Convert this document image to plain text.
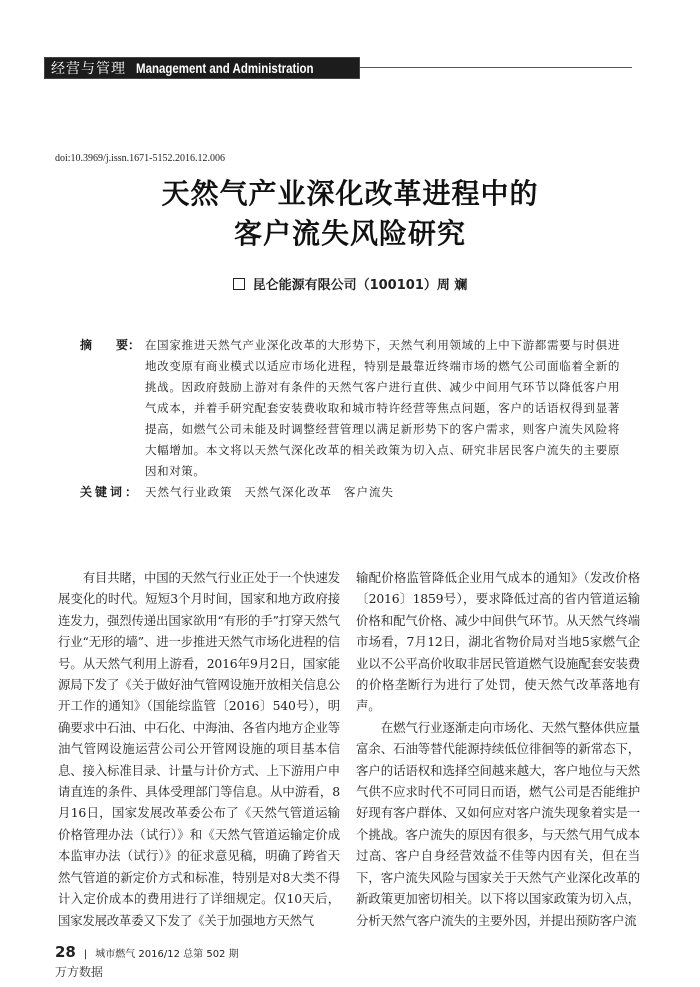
经营与管理 Management and Administration
doi:10.3969/j.issn.1671-5152.2016.12.006
天然气产业深化改革进程中的
客户流失风险研究
昆仑能源有限公司（100101）周 斓
摘 要： 在国家推进天然气产业深化改革的大形势下，天然气利用领域的上中下游都需要与时俱进地改变原有商业模式以适应市场化进程，特别是最靠近终端市场的燃气公司面临着全新的挑战。因政府鼓励上游对有条件的天然气客户进行直供、减少中间用气环节以降低客户用气成本，并着手研究配套安装费收取和城市特许经营等焦点问题，客户的话语权得到显著提高，如燃气公司未能及时调整经营管理以满足新形势下的客户需求，则客户流失风险将大幅增加。本文将以天然气深化改革的相关政策为切入点、研究非居民客户流失的主要原因和对策。
关键词： 天然气行业政策 天然气深化改革 客户流失

有目共睹，中国的天然气行业正处于一个快速发展变化的时代。短短3个月时间，国家和地方政府接连发力，强烈传递出国家欲用“有形的手”打穿天然气行业“无形的墙”、进一步推进天然气市场化进程的信号。从天然气利用上游看，2016年9月2日，国家能源局下发了《关于做好油气管网设施开放相关信息公开工作的通知》（国能综监管〔2016〕540号），明确要求中石油、中石化、中海油、各省内地方企业等油气管网设施运营公司公开管网设施的项目基本信息、接入标准目录、计量与计价方式、上下游用户申请直连的条件、具体受理部门等信息。从中游看，8月16日，国家发展改革委公布了《天然气管道运输价格管理办法（试行）》和《天然气管道运输定价成本监审办法（试行）》的征求意见稿，明确了跨省天然气管道的新定价方式和标准，特别是对8大类不得计入定价成本的费用进行了详细规定。仅10天后，国家发展改革委又下发了《关于加强地方天然气

输配价格监管降低企业用气成本的通知》（发改价格〔2016〕1859号），要求降低过高的省内管道运输价格和配气价格、减少中间供气环节。从天然气终端市场看，7月12日，湖北省物价局对当地5家燃气企业以不公平高价收取非居民管道燃气设施配套安装费的价格垄断行为进行了处罚，使天然气改革落地有声。

在燃气行业逐渐走向市场化、天然气整体供应量富余、石油等替代能源持续低位徘徊等的新常态下，客户的话语权和选择空间越来越大，客户地位与天然气供不应求时代不可同日而语，燃气公司是否能维护好现有客户群体、又如何应对客户流失现象着实是一个挑战。客户流失的原因有很多，与天然气用气成本过高、客户自身经营效益不佳等内因有关，但在当下，客户流失风险与国家关于天然气产业深化改革的新政策更加密切相关。以下将以国家政策为切入点，分析天然气客户流失的主要外因，并提出预防客户流

28 | 城市燃气 2016/12 总第 502 期
万方数据
